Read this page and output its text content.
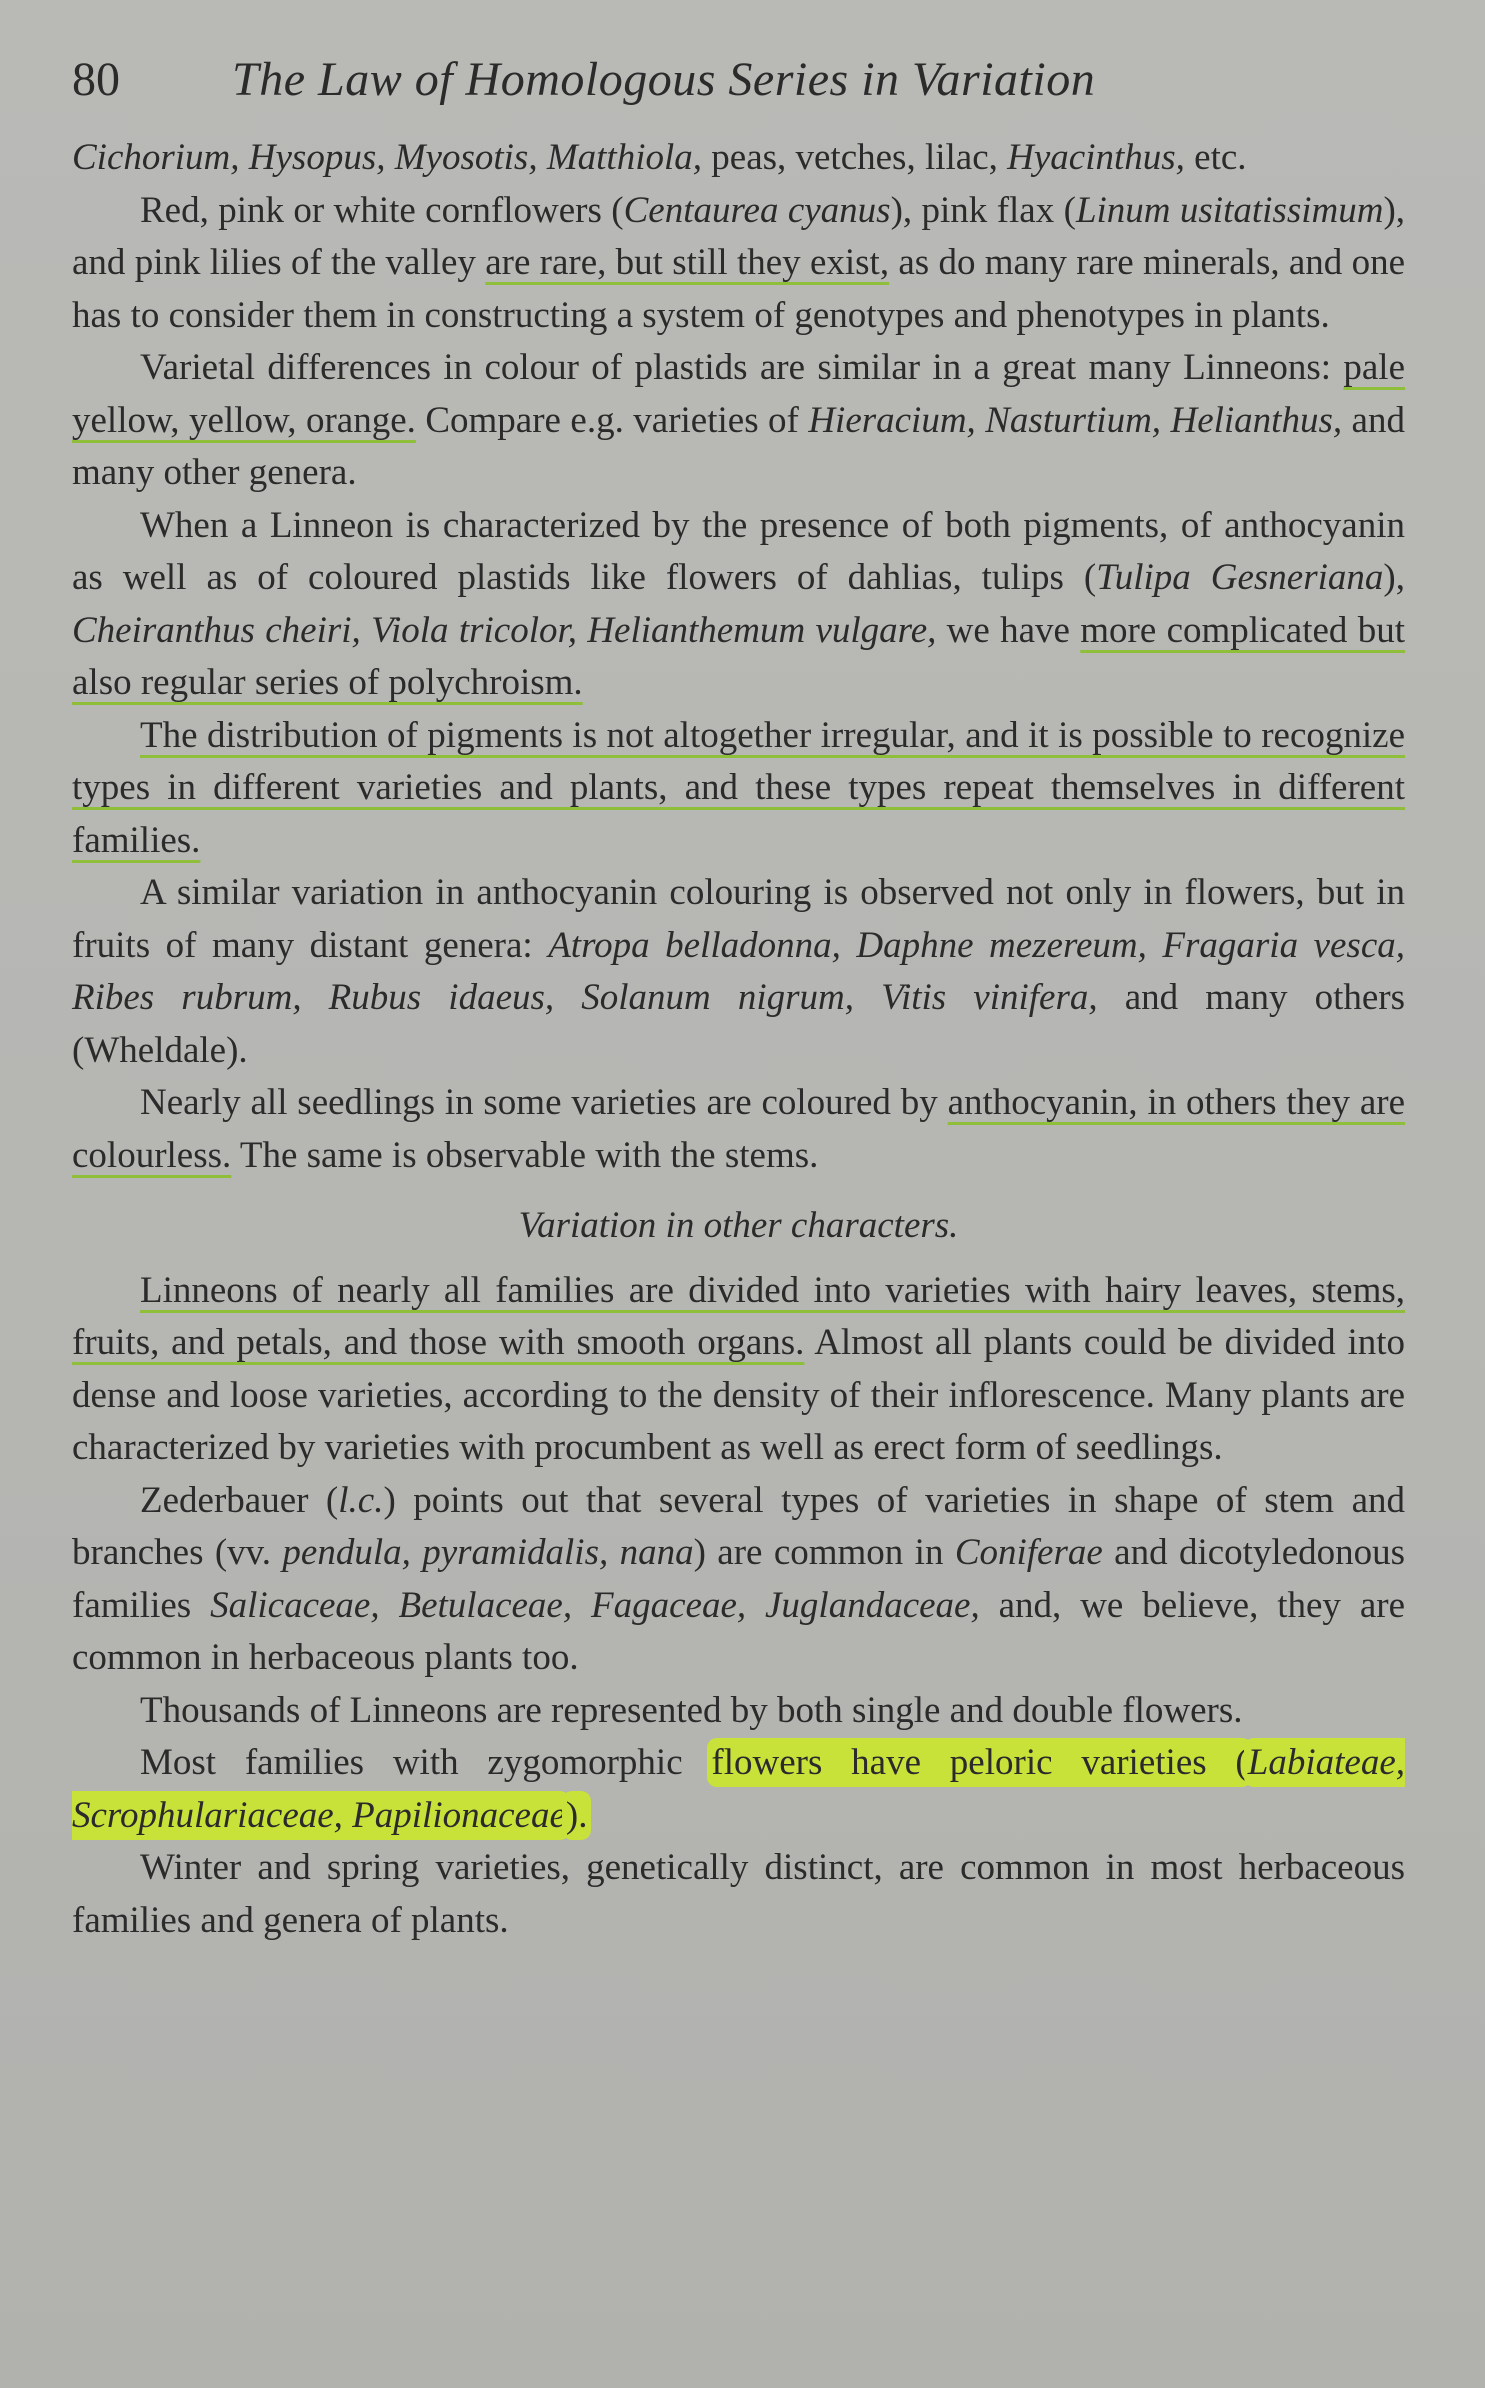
80	The Law of Homologous Series in Variation

Cichorium, Hysopus, Myosotis, Matthiola, peas, vetches, lilac, Hyacinthus, etc.

Red, pink or white cornflowers (Centaurea cyanus), pink flax (Linum usitatissimum), and pink lilies of the valley are rare, but still they exist, as do many rare minerals, and one has to consider them in constructing a system of genotypes and phenotypes in plants.

Varietal differences in colour of plastids are similar in a great many Linneons: pale yellow, yellow, orange. Compare e.g. varieties of Hieracium, Nasturtium, Helianthus, and many other genera.

When a Linneon is characterized by the presence of both pigments, of anthocyanin as well as of coloured plastids like flowers of dahlias, tulips (Tulipa Gesneriana), Cheiranthus cheiri, Viola tricolor, Helianthemum vulgare, we have more complicated but also regular series of polychroism.

The distribution of pigments is not altogether irregular, and it is possible to recognize types in different varieties and plants, and these types repeat themselves in different families.

A similar variation in anthocyanin colouring is observed not only in flowers, but in fruits of many distant genera: Atropa belladonna, Daphne mezereum, Fragaria vesca, Ribes rubrum, Rubus idaeus, Solanum nigrum, Vitis vinifera, and many others (Wheldale).

Nearly all seedlings in some varieties are coloured by anthocyanin, in others they are colourless. The same is observable with the stems.

Variation in other characters.

Linneons of nearly all families are divided into varieties with hairy leaves, stems, fruits, and petals, and those with smooth organs. Almost all plants could be divided into dense and loose varieties, according to the density of their inflorescence. Many plants are characterized by varieties with procumbent as well as erect form of seedlings.

Zederbauer (l.c.) points out that several types of varieties in shape of stem and branches (vv. pendula, pyramidalis, nana) are common in Coniferae and dicotyledonous families Salicaceae, Betulaceae, Fagaceae, Juglandaceae, and, we believe, they are common in herbaceous plants too.

Thousands of Linneons are represented by both single and double flowers.

Most families with zygomorphic flowers have peloric varieties (Labiateae, Scrophulariaceae, Papilionaceae).

Winter and spring varieties, genetically distinct, are common in most herbaceous families and genera of plants.
